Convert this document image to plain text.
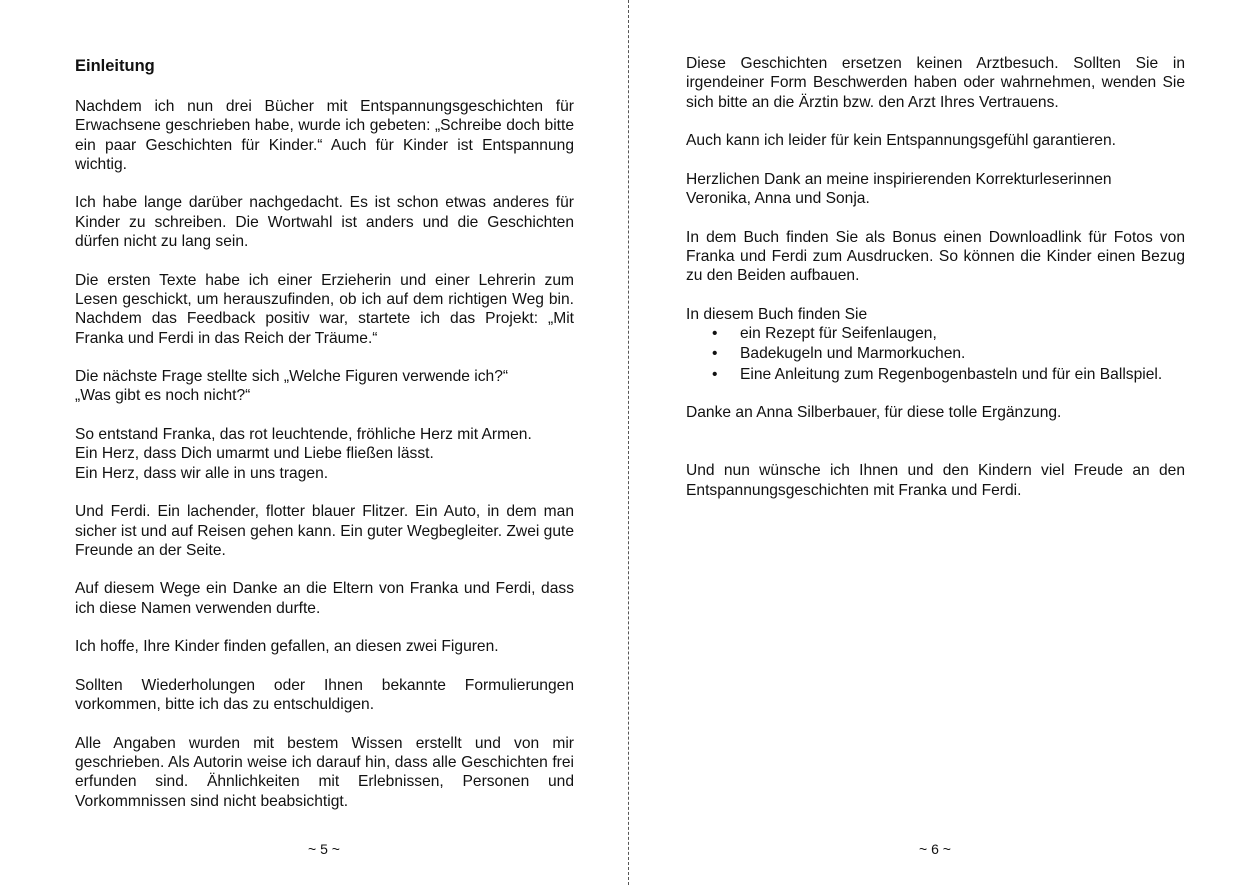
Einleitung

Nachdem ich nun drei Bücher mit Entspannungsgeschichten für Erwachsene geschrieben habe, wurde ich gebeten: „Schreibe doch bitte ein paar Geschichten für Kinder.“ Auch für Kinder ist Entspannung wichtig.

Ich habe lange darüber nachgedacht. Es ist schon etwas anderes für Kinder zu schreiben. Die Wortwahl ist anders und die Geschichten dürfen nicht zu lang sein.

Die ersten Texte habe ich einer Erzieherin und einer Lehrerin zum Lesen geschickt, um herauszufinden, ob ich auf dem richtigen Weg bin. Nachdem das Feedback positiv war, startete ich das Projekt: „Mit Franka und Ferdi in das Reich der Träume.“

Die nächste Frage stellte sich „Welche Figuren verwende ich?“
„Was gibt es noch nicht?“

So entstand Franka, das rot leuchtende, fröhliche Herz mit Armen.
Ein Herz, dass Dich umarmt und Liebe fließen lässt.
Ein Herz, dass wir alle in uns tragen.

Und Ferdi. Ein lachender, flotter blauer Flitzer. Ein Auto, in dem man sicher ist und auf Reisen gehen kann. Ein guter Wegbegleiter. Zwei gute Freunde an der Seite.

Auf diesem Wege ein Danke an die Eltern von Franka und Ferdi, dass ich diese Namen verwenden durfte.

Ich hoffe, Ihre Kinder finden gefallen, an diesen zwei Figuren.

Sollten Wiederholungen oder Ihnen bekannte Formulierungen vorkommen, bitte ich das zu entschuldigen.

Alle Angaben wurden mit bestem Wissen erstellt und von mir geschrieben. Als Autorin weise ich darauf hin, dass alle Geschichten frei erfunden sind. Ähnlichkeiten mit Erlebnissen, Personen und Vorkommnissen sind nicht beabsichtigt.

~ 5 ~

Diese Geschichten ersetzen keinen Arztbesuch. Sollten Sie in irgendeiner Form Beschwerden haben oder wahrnehmen, wenden Sie sich bitte an die Ärztin bzw. den Arzt Ihres Vertrauens.

Auch kann ich leider für kein Entspannungsgefühl garantieren.

Herzlichen Dank an meine inspirierenden Korrekturleserinnen
Veronika, Anna und Sonja.

In dem Buch finden Sie als Bonus einen Downloadlink für Fotos von Franka und Ferdi zum Ausdrucken. So können die Kinder einen Bezug zu den Beiden aufbauen.

In diesem Buch finden Sie
• ein Rezept für Seifenlaugen,
• Badekugeln und Marmorkuchen.
• Eine Anleitung zum Regenbogenbasteln und für ein Ballspiel.

Danke an Anna Silberbauer, für diese tolle Ergänzung.

Und nun wünsche ich Ihnen und den Kindern viel Freude an den Entspannungsgeschichten mit Franka und Ferdi.

~ 6 ~
